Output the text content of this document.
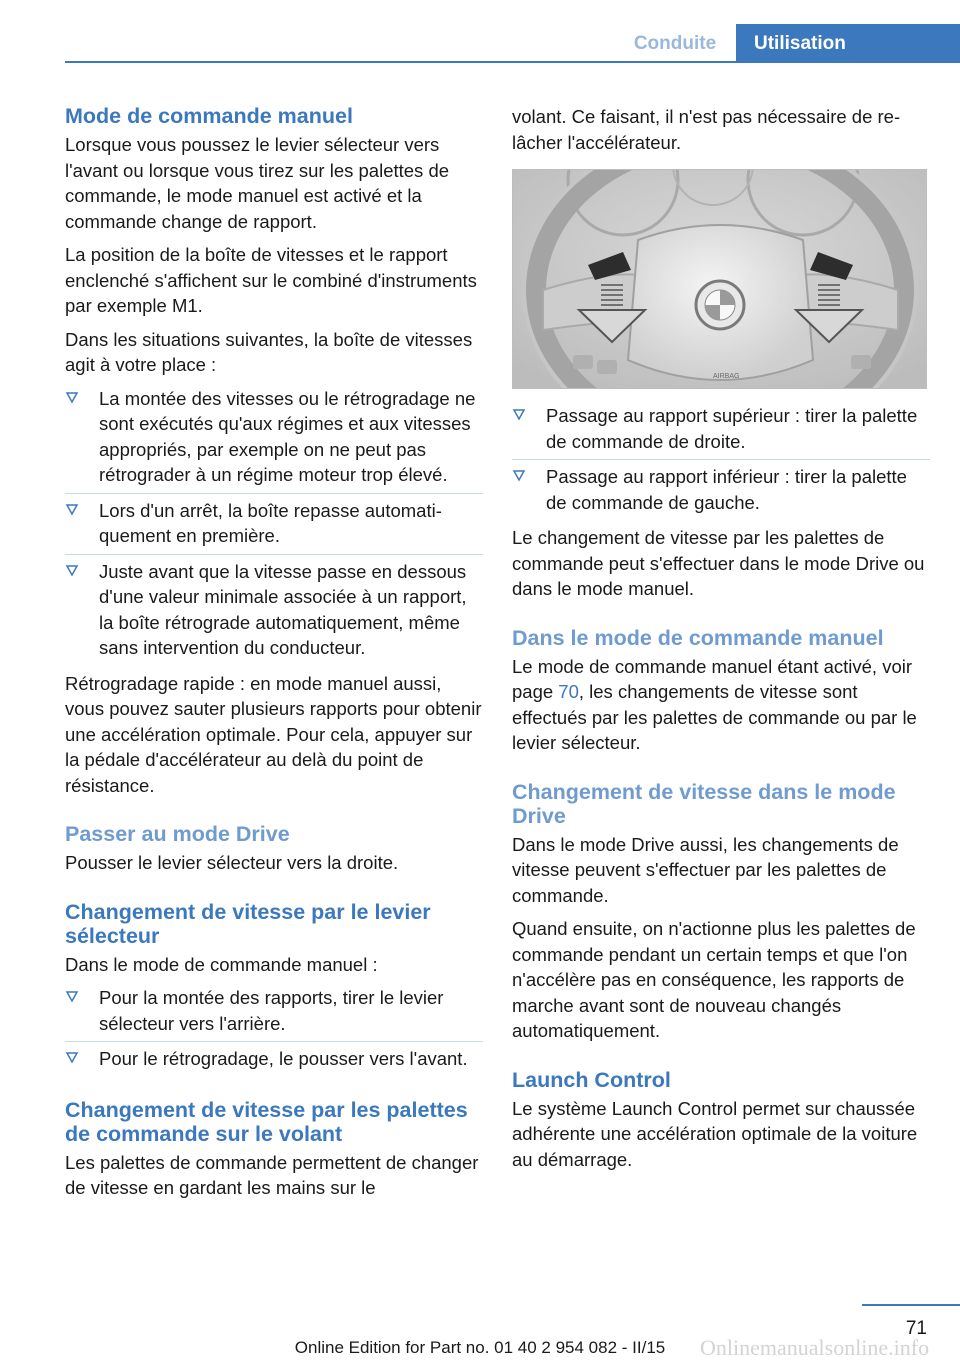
Conduite	Utilisation
Mode de commande manuel

Lorsque vous poussez le levier sélecteur vers l'avant ou lorsque vous tirez sur les palettes de commande, le mode manuel est activé et la commande change de rapport.

La position de la boîte de vitesses et le rapport enclenché s'affichent sur le combiné d'instruments par exemple M1.

Dans les situations suivantes, la boîte de vitesses agit à votre place :

La montée des vitesses ou le rétrogradage ne sont exécutés qu'aux régimes et aux vitesses appropriés, par exemple on ne peut pas rétrograder à un régime moteur trop élevé.
Lors d'un arrêt, la boîte repasse automatiquement en première.
Juste avant que la vitesse passe en dessous d'une valeur minimale associée à un rapport, la boîte rétrograde automatiquement, même sans intervention du conducteur.

Rétrogradage rapide : en mode manuel aussi, vous pouvez sauter plusieurs rapports pour obtenir une accélération optimale. Pour cela, appuyer sur la pédale d'accélérateur au delà du point de résistance.

Passer au mode Drive

Pousser le levier sélecteur vers la droite.

Changement de vitesse par le levier sélecteur

Dans le mode de commande manuel :

Pour la montée des rapports, tirer le levier sélecteur vers l'arrière.
Pour le rétrogradage, le pousser vers l'avant.
Changement de vitesse par les palettes de commande sur le volant

Les palettes de commande permettent de changer de vitesse en gardant les mains sur le

volant. Ce faisant, il n'est pas nécessaire de relâcher l'accélérateur.

AIRBAG
Passage au rapport supérieur : tirer la palette de commande de droite.
Passage au rapport inférieur : tirer la palette de commande de gauche.

Le changement de vitesse par les palettes de commande peut s'effectuer dans le mode Drive ou dans le mode manuel.

Dans le mode de commande manuel

Le mode de commande manuel étant activé, voir page 70, les changements de vitesse sont effectués par les palettes de commande ou par le levier sélecteur.

Changement de vitesse dans le mode Drive

Dans le mode Drive aussi, les changements de vitesse peuvent s'effectuer par les palettes de commande.

Quand ensuite, on n'actionne plus les palettes de commande pendant un certain temps et que l'on n'accélère pas en conséquence, les rapports de marche avant sont de nouveau changés automatiquement.

Launch Control

Le système Launch Control permet sur chaussée adhérente une accélération optimale de la voiture au démarrage.

71
Onlinemanualsonline.info
Online Edition for Part no. 01 40 2 954 082 - II/15
